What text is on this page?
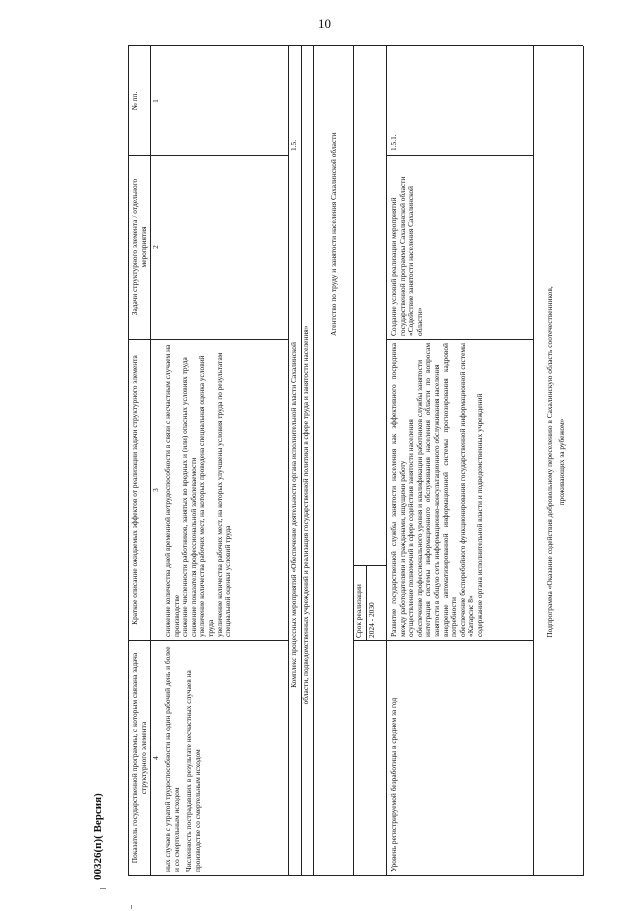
10
№ пп.
Задачи структурного элемента / отдельного мероприятия
Краткое описание ожидаемых эффектов от реализации задачи структурного элемента
Показатель государственной программы, с которым связана задача структурного элемента
1
2
3
4
снижение количества дней временной нетрудоспособности в связи с несчастным случаем на производстве снижение численности работников, занятых во вредных и (или) опасных условиях труда снижение показателя профессиональной заболеваемости увеличение количества рабочих мест, на которых проведена специальная оценка условий труда увеличение количества рабочих мест, на которых улучшены условия труда по результатам специальной оценки условий труда
ных случаев с утратой трудоспособности на один рабочий день и более и со смертельным исходом Численность пострадавших в результате несчастных случаев на производстве со смертельным исходом
1.5.
Комплекс процессных мероприятий «Обеспечение деятельности органа исполнительной власти Сахалинской области, подведомственных учреждений и реализация государственной политики в сфере труда и занятости населения»
Агентство по труду и занятости населения Сахалинской области
Срок реализации 2024 - 2030
1.5.1.
Создание условий реализации мероприятий государственной программы Сахалинской области «Содействие занятости населения Сахалинской области»
Развитие государственной службы занятости населения как эффективного посредника между работодателями и гражданами, ищущими работу осуществление полномочий в сфере содействия занятости населения обеспечение профессионального уровня и квалификации работников службы занятости интеграция системы информационного обслуживания населения области по вопросам занятости в общую сеть информационно-консультационного обслуживания населения внедрение автоматизированной информационной системы прогнозирования кадровой потребности обеспечение бесперебойного функционирования государственной информационной системы «Катарсис 8» содержание органа исполнительной власти и подведомственных учреждений
Уровень регистрируемой безработицы в среднем за год
Подпрограмма «Оказание содействия добровольному переселению в Сахалинскую область соотечественников, проживающих за рубежом»
00326(п)( Версия)
